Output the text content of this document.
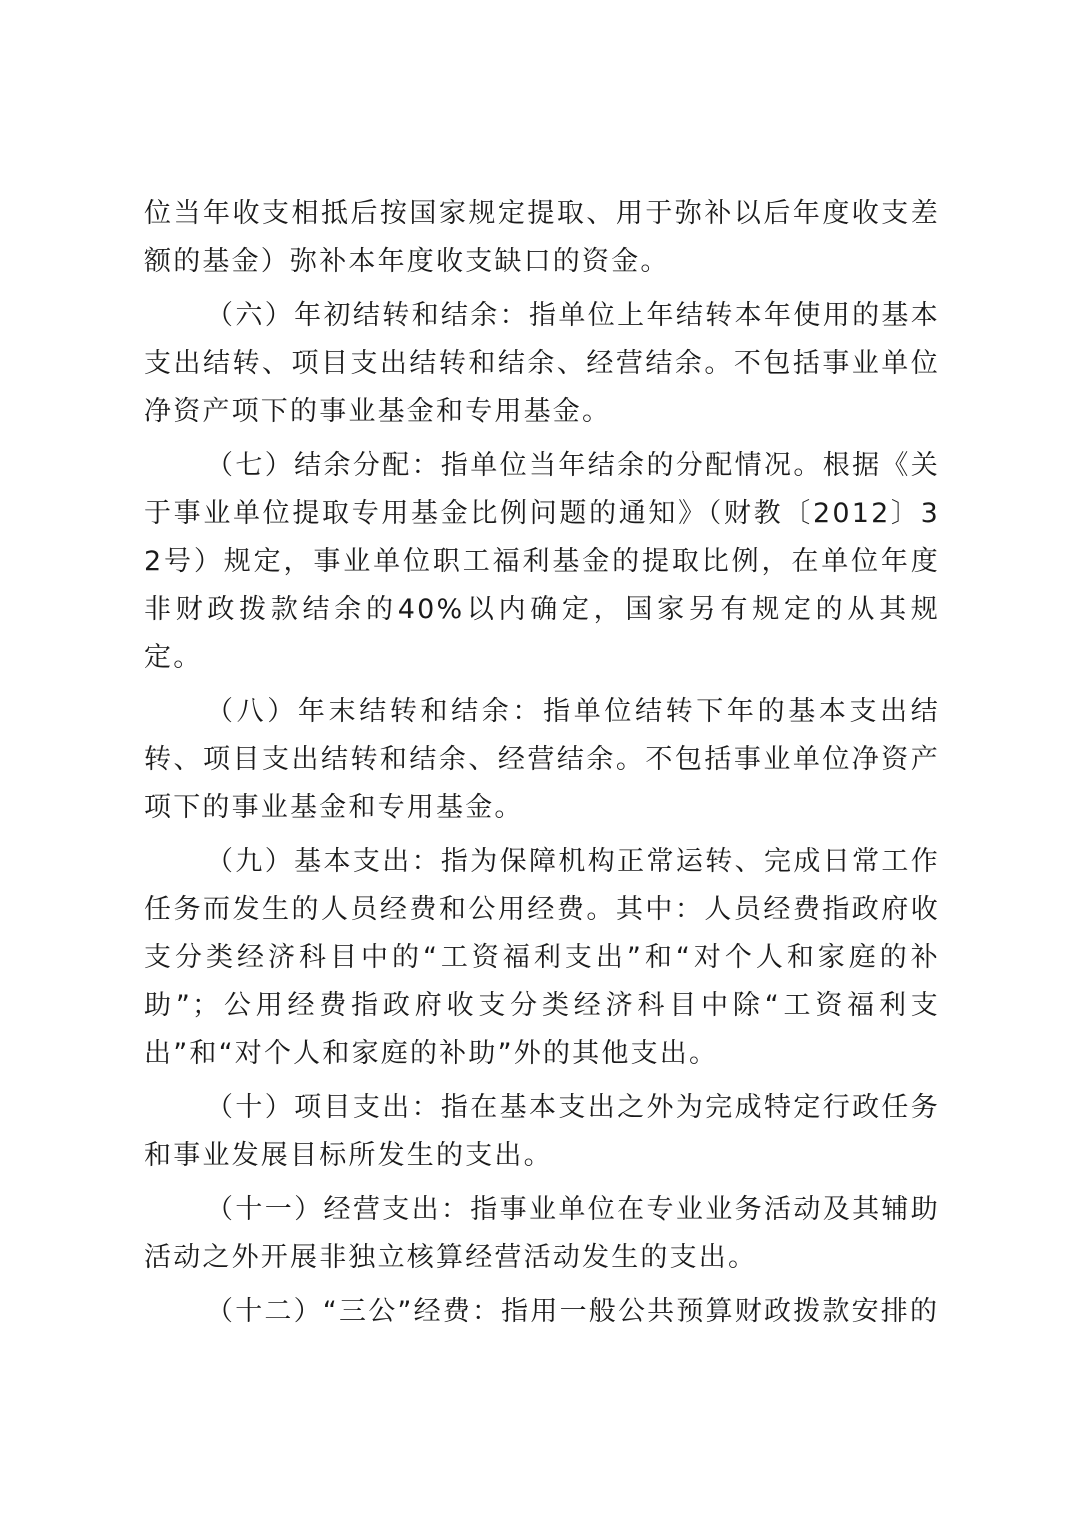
位当年收支相抵后按国家规定提取、用于弥补以后年度收支差额的基金）弥补本年度收支缺口的资金。

（六）年初结转和结余：指单位上年结转本年使用的基本支出结转、项目支出结转和结余、经营结余。不包括事业单位净资产项下的事业基金和专用基金。

（七）结余分配：指单位当年结余的分配情况。根据《关于事业单位提取专用基金比例问题的通知》（财教〔2012〕32号）规定，事业单位职工福利基金的提取比例，在单位年度非财政拨款结余的40%以内确定，国家另有规定的从其规定。

（八）年末结转和结余：指单位结转下年的基本支出结转、项目支出结转和结余、经营结余。不包括事业单位净资产项下的事业基金和专用基金。

（九）基本支出：指为保障机构正常运转、完成日常工作任务而发生的人员经费和公用经费。其中：人员经费指政府收支分类经济科目中的“工资福利支出”和“对个人和家庭的补助”；公用经费指政府收支分类经济科目中除“工资福利支出”和“对个人和家庭的补助”外的其他支出。

（十）项目支出：指在基本支出之外为完成特定行政任务和事业发展目标所发生的支出。

（十一）经营支出：指事业单位在专业业务活动及其辅助活动之外开展非独立核算经营活动发生的支出。

（十二）“三公”经费：指用一般公共预算财政拨款安排的
